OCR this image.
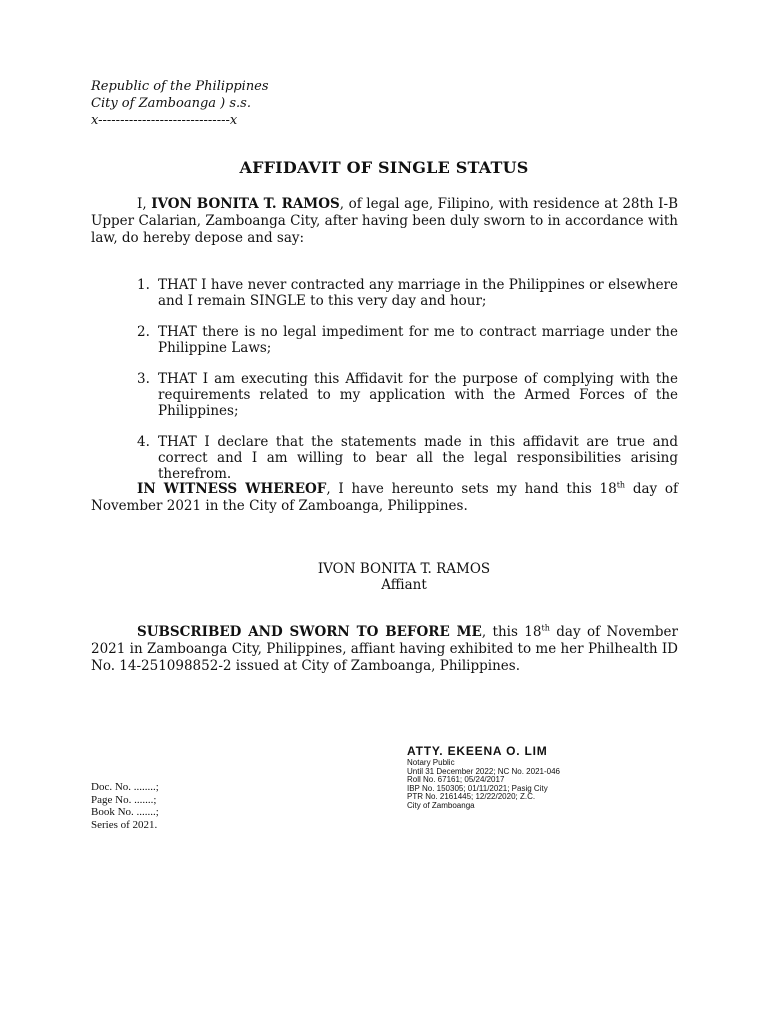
Republic of the Philippines
City of Zamboanga ) s.s.
x------------------------------x
AFFIDAVIT OF SINGLE STATUS

I, IVON BONITA T. RAMOS, of legal age, Filipino, with residence at 28th I-B Upper Calarian, Zamboanga City, after having been duly sworn to in accordance with law, do hereby depose and say:

1. THAT I have never contracted any marriage in the Philippines or elsewhere and I remain SINGLE to this very day and hour;
2. THAT there is no legal impediment for me to contract marriage under the Philippine Laws;
3. THAT I am executing this Affidavit for the purpose of complying with the requirements related to my application with the Armed Forces of the Philippines;
4. THAT I declare that the statements made in this affidavit are true and correct and I am willing to bear all the legal responsibilities arising therefrom.

IN WITNESS WHEREOF, I have hereunto sets my hand this 18th day of November 2021 in the City of Zamboanga, Philippines.

IVON BONITA T. RAMOS
Affiant

SUBSCRIBED AND SWORN TO BEFORE ME, this 18th day of November 2021 in Zamboanga City, Philippines, affiant having exhibited to me her Philhealth ID No. 14-251098852-2 issued at City of Zamboanga, Philippines.

ATTY. EKEENA O. LIM
Notary Public
Until 31 December 2022; NC No. 2021-046
Roll No. 67161; 05/24/2017
IBP No. 150305; 01/11/2021; Pasig City
PTR No. 2161445; 12/22/2020; Z.C.
City of Zamboanga
Doc. No. ........;
Page No. .......;
Book No. .......;
Series of 2021.
